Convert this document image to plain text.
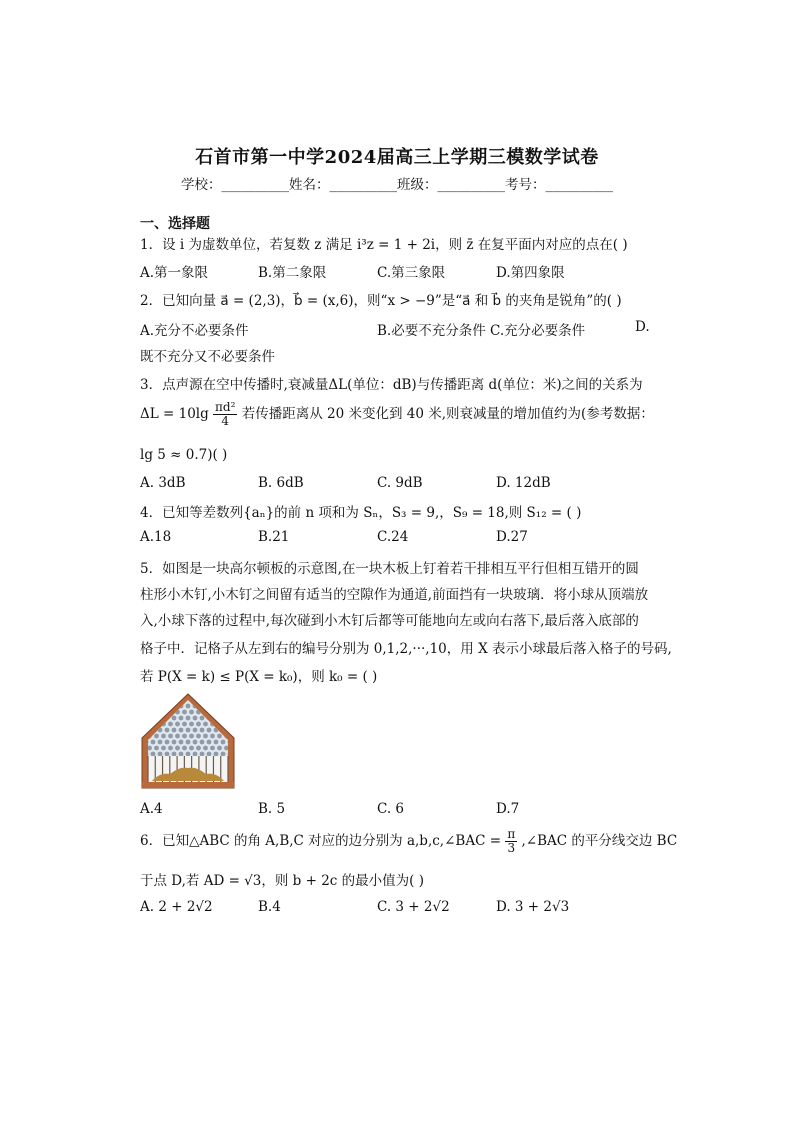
石首市第一中学2024届高三上学期三模数学试卷
学校：__________姓名：__________班级：__________考号：__________
一、选择题
1．设 i 为虚数单位，若复数 z 满足 i³z = 1 + 2i，则 z̄ 在复平面内对应的点在( )
A.第一象限	B.第二象限	C.第三象限	D.第四象限
2．已知向量 a⃗ = (2,3)，b⃗ = (x,6)，则“x > −9”是“a⃗ 和 b⃗ 的夹角是锐角”的( )
A.充分不必要条件	B.必要不充分条件 C.充分必要条件	D.
既不充分又不必要条件
3．点声源在空中传播时,衰减量ΔL(单位：dB)与传播距离 d(单位：米)之间的关系为
$\Delta L = 10\lg \frac{\text{πd²}}{4}$ 若传播距离从 20 米变化到 40 米,则衰减量的增加值约为(参考数据：
lg 5 ≈ 0.7)( )
A. 3dB	B. 6dB	C. 9dB	D. 12dB
4．已知等差数列{aₙ}的前 n 项和为 Sₙ，S₃ = 9,，S₉ = 18,则 S₁₂ = ( )
A.18	B.21	C.24	D.27
5．如图是一块高尔顿板的示意图,在一块木板上钉着若干排相互平行但相互错开的圆
柱形小木钉,小木钉之间留有适当的空隙作为通道,前面挡有一块玻璃．将小球从顶端放
入,小球下落的过程中,每次碰到小木钉后都等可能地向左或向右落下,最后落入底部的
格子中．记格子从左到右的编号分别为 0,1,2,···,10，用 X 表示小球最后落入格子的号码,
若 P(X = k) ≤ P(X = k₀)，则 k₀ = ( )
A.4	B. 5	C. 6	D.7
6．已知△ABC 的角 A,B,C 对应的边分别为 a,b,c,∠BAC = $\frac{\pi}{3}$ ,∠BAC 的平分线交边 BC
于点 D,若 AD = √3，则 b + 2c 的最小值为( )
A. 2 + 2√2	B.4	C. 3 + 2√2	D. 3 + 2√3
